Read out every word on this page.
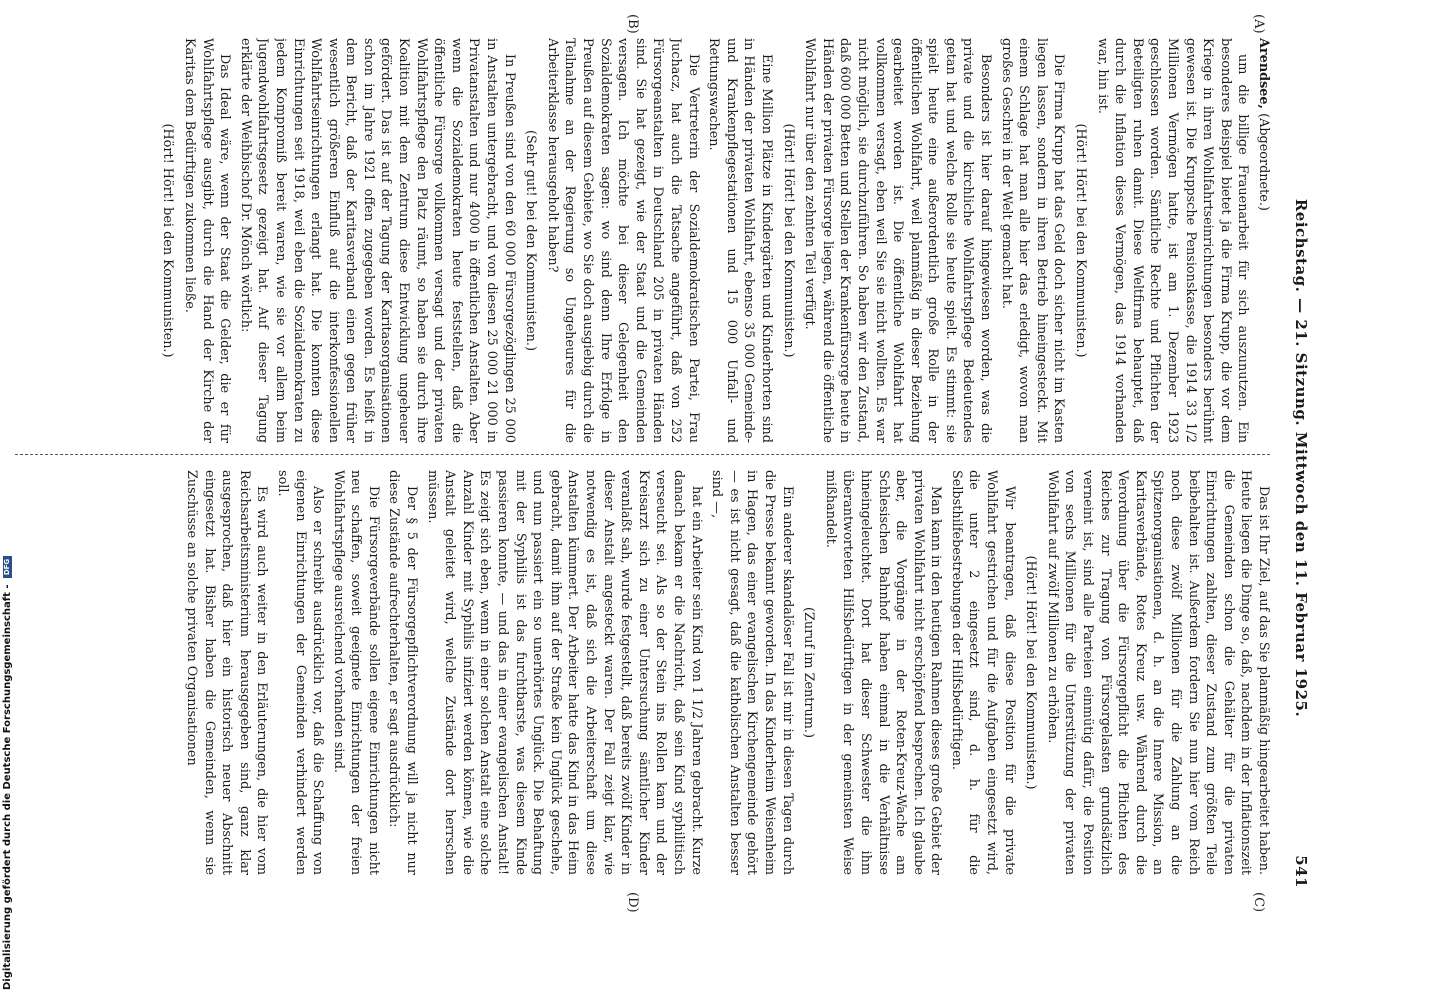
Reichstag. — 21. Sitzung. Mittwoch den 11. Februar 1925.
541
(A)
(B)
(C)
(D)

Arendsee, (Abgeordnete.)

um die billige Frauenarbeit für sich auszunutzen. Ein besonderes Beispiel bietet ja die Firma Krupp, die vor dem Kriege in ihren Wohlfahrtseinrichtungen besonders berühmt gewesen ist. Die Kruppsche Pensionskasse, die 1914 33 1/2 Millionen Vermögen hatte, ist am 1. Dezember 1923 geschlossen worden. Sämtliche Rechte und Pflichten der Beteiligten ruhen damit. Diese Weltfirma behauptet, daß durch die Inflation dieses Vermögen, das 1914 vorhanden war, hin ist.

(Hört! Hört! bei den Kommunisten.)

Die Firma Krupp hat das Geld doch sicher nicht im Kasten liegen lassen, sondern in ihren Betrieb hineingesteckt. Mit einem Schlage hat man alle hier das erledigt, wovon man großes Geschrei in der Welt gemacht hat.

Besonders ist hier darauf hingewiesen worden, was die private und die kirchliche Wohlfahrtspflege Bedeutendes getan hat und welche Rolle sie heute spielt. Es stimmt: sie spielt heute eine außerordentlich große Rolle in der öffentlichen Wohlfahrt, weil planmäßig in dieser Beziehung gearbeitet worden ist. Die öffentliche Wohlfahrt hat vollkommen versagt, eben weil Sie sie nicht wollten. Es war nicht möglich, sie durchzuführen. So haben wir den Zustand, daß 600 000 Betten und Stellen der Krankenfürsorge heute in Händen der privaten Fürsorge liegen, während die öffentliche Wohlfahrt nur über den zehnten Teil verfügt.

(Hört! Hört! bei den Kommunisten.)

Eine Million Plätze in Kindergärten und Kinderhorten sind in Händen der privaten Wohlfahrt, ebenso 35 000 Gemeinde- und Krankenpflegestationen und 15 000 Unfall- und Rettungswachen.

Die Vertreterin der Sozialdemokratischen Partei, Frau Juchacz, hat auch die Tatsache angeführt, daß von 252 Fürsorgeanstalten in Deutschland 205 in privaten Händen sind. Sie hat gezeigt, wie der Staat und die Gemeinden versagen. Ich möchte bei dieser Gelegenheit den Sozialdemokraten sagen: wo sind denn Ihre Erfolge in Preußen auf diesem Gebiete, wo Sie doch ausgiebig durch die Teilnahme an der Regierung so Ungeheures für die Arbeiterklasse herausgeholt haben?

(Sehr gut! bei den Kommunisten.)

In Preußen sind von den 60 000 Fürsorgezöglingen 25 000 in Anstalten untergebracht, und von diesen 25 000 21 000 in Privatanstalten und nur 4000 in öffentlichen Anstalten. Aber wenn die Sozialdemokraten heute feststellen, daß die öffentliche Fürsorge vollkommen versagt und der privaten Wohlfahrtspflege den Platz räumt, so haben sie durch ihre Koalition mit dem Zentrum diese Entwicklung ungeheuer gefördert. Das ist auf der Tagung der Karitasorganisationen schon im Jahre 1921 offen zugegeben worden. Es heißt in dem Bericht, daß der Karitasverband einen gegen früher wesentlich größeren Einfluß auf die interkonfessionellen Wohlfahrtseinrichtungen erlangt hat. Die konnten diese Einrichtungen seit 1918, weil eben die Sozialdemokraten zu jedem Kompromiß bereit waren, wie sie vor allem beim Jugendwohlfahrtsgesetz gezeigt hat. Auf dieser Tagung erklärte der Weihbischof Dr. Mönch wörtlich:

Das Ideal wäre, wenn der Staat die Gelder, die er für Wohlfahrtspflege ausgibt, durch die Hand der Kirche der Karitas dem Bedürftigen zukommen ließe.

(Hört! Hört! bei den Kommunisten.)

Das ist Ihr Ziel, auf das Sie planmäßig hingearbeitet haben. Heute liegen die Dinge so, daß, nachdem in der Inflationszeit die Gemeinden schon die Gehälter für die privaten Einrichtungen zahlten, dieser Zustand zum größten Teile beibehalten ist. Außerdem fordern Sie nun hier vom Reich noch diese zwölf Millionen für die Zahlung an die Spitzenorganisationen, d. h. an die Innere Mission, an Karitasverbände, Rotes Kreuz usw. Während durch die Verordnung über die Fürsorgepflicht die Pflichten des Reiches zur Tragung von Fürsorgelasten grundsätzlich verneint ist, sind alle Parteien einmütig dafür, die Position von sechs Millionen für die Unterstützung der privaten Wohlfahrt auf zwölf Millionen zu erhöhen.

(Hört! Hört! bei den Kommunisten.)

Wir beantragen, daß diese Position für die private Wohlfahrt gestrichen und für die Aufgaben eingesetzt wird, die unter 2 eingesetzt sind, d. h. für die Selbsthilfebestrebungen der Hilfsbedürftigen.

Man kann in den heutigen Rahmen dieses große Gebiet der privaten Wohlfahrt nicht erschöpfend besprechen. Ich glaube aber, die Vorgänge in der Roten-Kreuz-Wache am Schlesischen Bahnhof haben einmal in die Verhältnisse hineingeleuchtet. Dort hat dieser Schwester die ihm überantworteten Hilfsbedürftigen in der gemeinsten Weise mißhandelt.

(Zuruf im Zentrum.)

Ein anderer skandalöser Fall ist mir in diesen Tagen durch die Presse bekannt geworden. In das Kinderheim Weisenheim in Hagen, das einer evangelischen Kirchengemeinde gehört — es ist nicht gesagt, daß die katholischen Anstalten besser sind —,

hat ein Arbeiter sein Kind von 1 1/2 Jahren gebracht. Kurze danach bekam er die Nachricht, daß sein Kind syphilitisch verseucht sei. Als so der Stein ins Rollen kam und der Kreisarzt sich zu einer Untersuchung sämtlicher Kinder veranlaßt sah, wurde festgestellt, daß bereits zwölf Kinder in dieser Anstalt angesteckt waren. Der Fall zeigt klar, wie notwendig es ist, daß sich die Arbeiterschaft um diese Anstalten kümmert. Der Arbeiter hatte das Kind in das Heim gebracht, damit ihm auf der Straße kein Unglück geschehe, und nun passiert ein so unerhörtes Unglück. Die Behaftung mit der Syphilis ist das furchtbarste, was diesem Kinde passieren konnte, — und das in einer evangelischen Anstalt! Es zeigt sich eben, wenn in einer solchen Anstalt eine solche Anzahl Kinder mit Syphilis infiziert werden können, wie die Anstalt geleitet wird, welche Zustände dort herrschen müssen.

Der § 5 der Fürsorgepflichtverordnung will ja nicht nur diese Zustände aufrechterhalten, er sagt ausdrücklich:

Die Fürsorgeverbände sollen eigene Einrichtungen nicht neu schaffen, soweit geeignete Einrichtungen der freien Wohlfahrtspflege ausreichend vorhanden sind.

Also er schreibt ausdrücklich vor, daß die Schaffung von eigenen Einrichtungen der Gemeinden verhindert werden soll.

Es wird auch weiter in den Erläuterungen, die hier vom Reichsarbeitsministerium herausgegeben sind, ganz klar ausgesprochen, daß hier ein historisch neuer Abschnitt eingesetzt hat. Bisher haben die Gemeinden, wenn sie Zuschüsse an solche privaten Organisationen

Digitalisierung gefördert durch die Deutsche Forschungsgemeinschaft - DFG
